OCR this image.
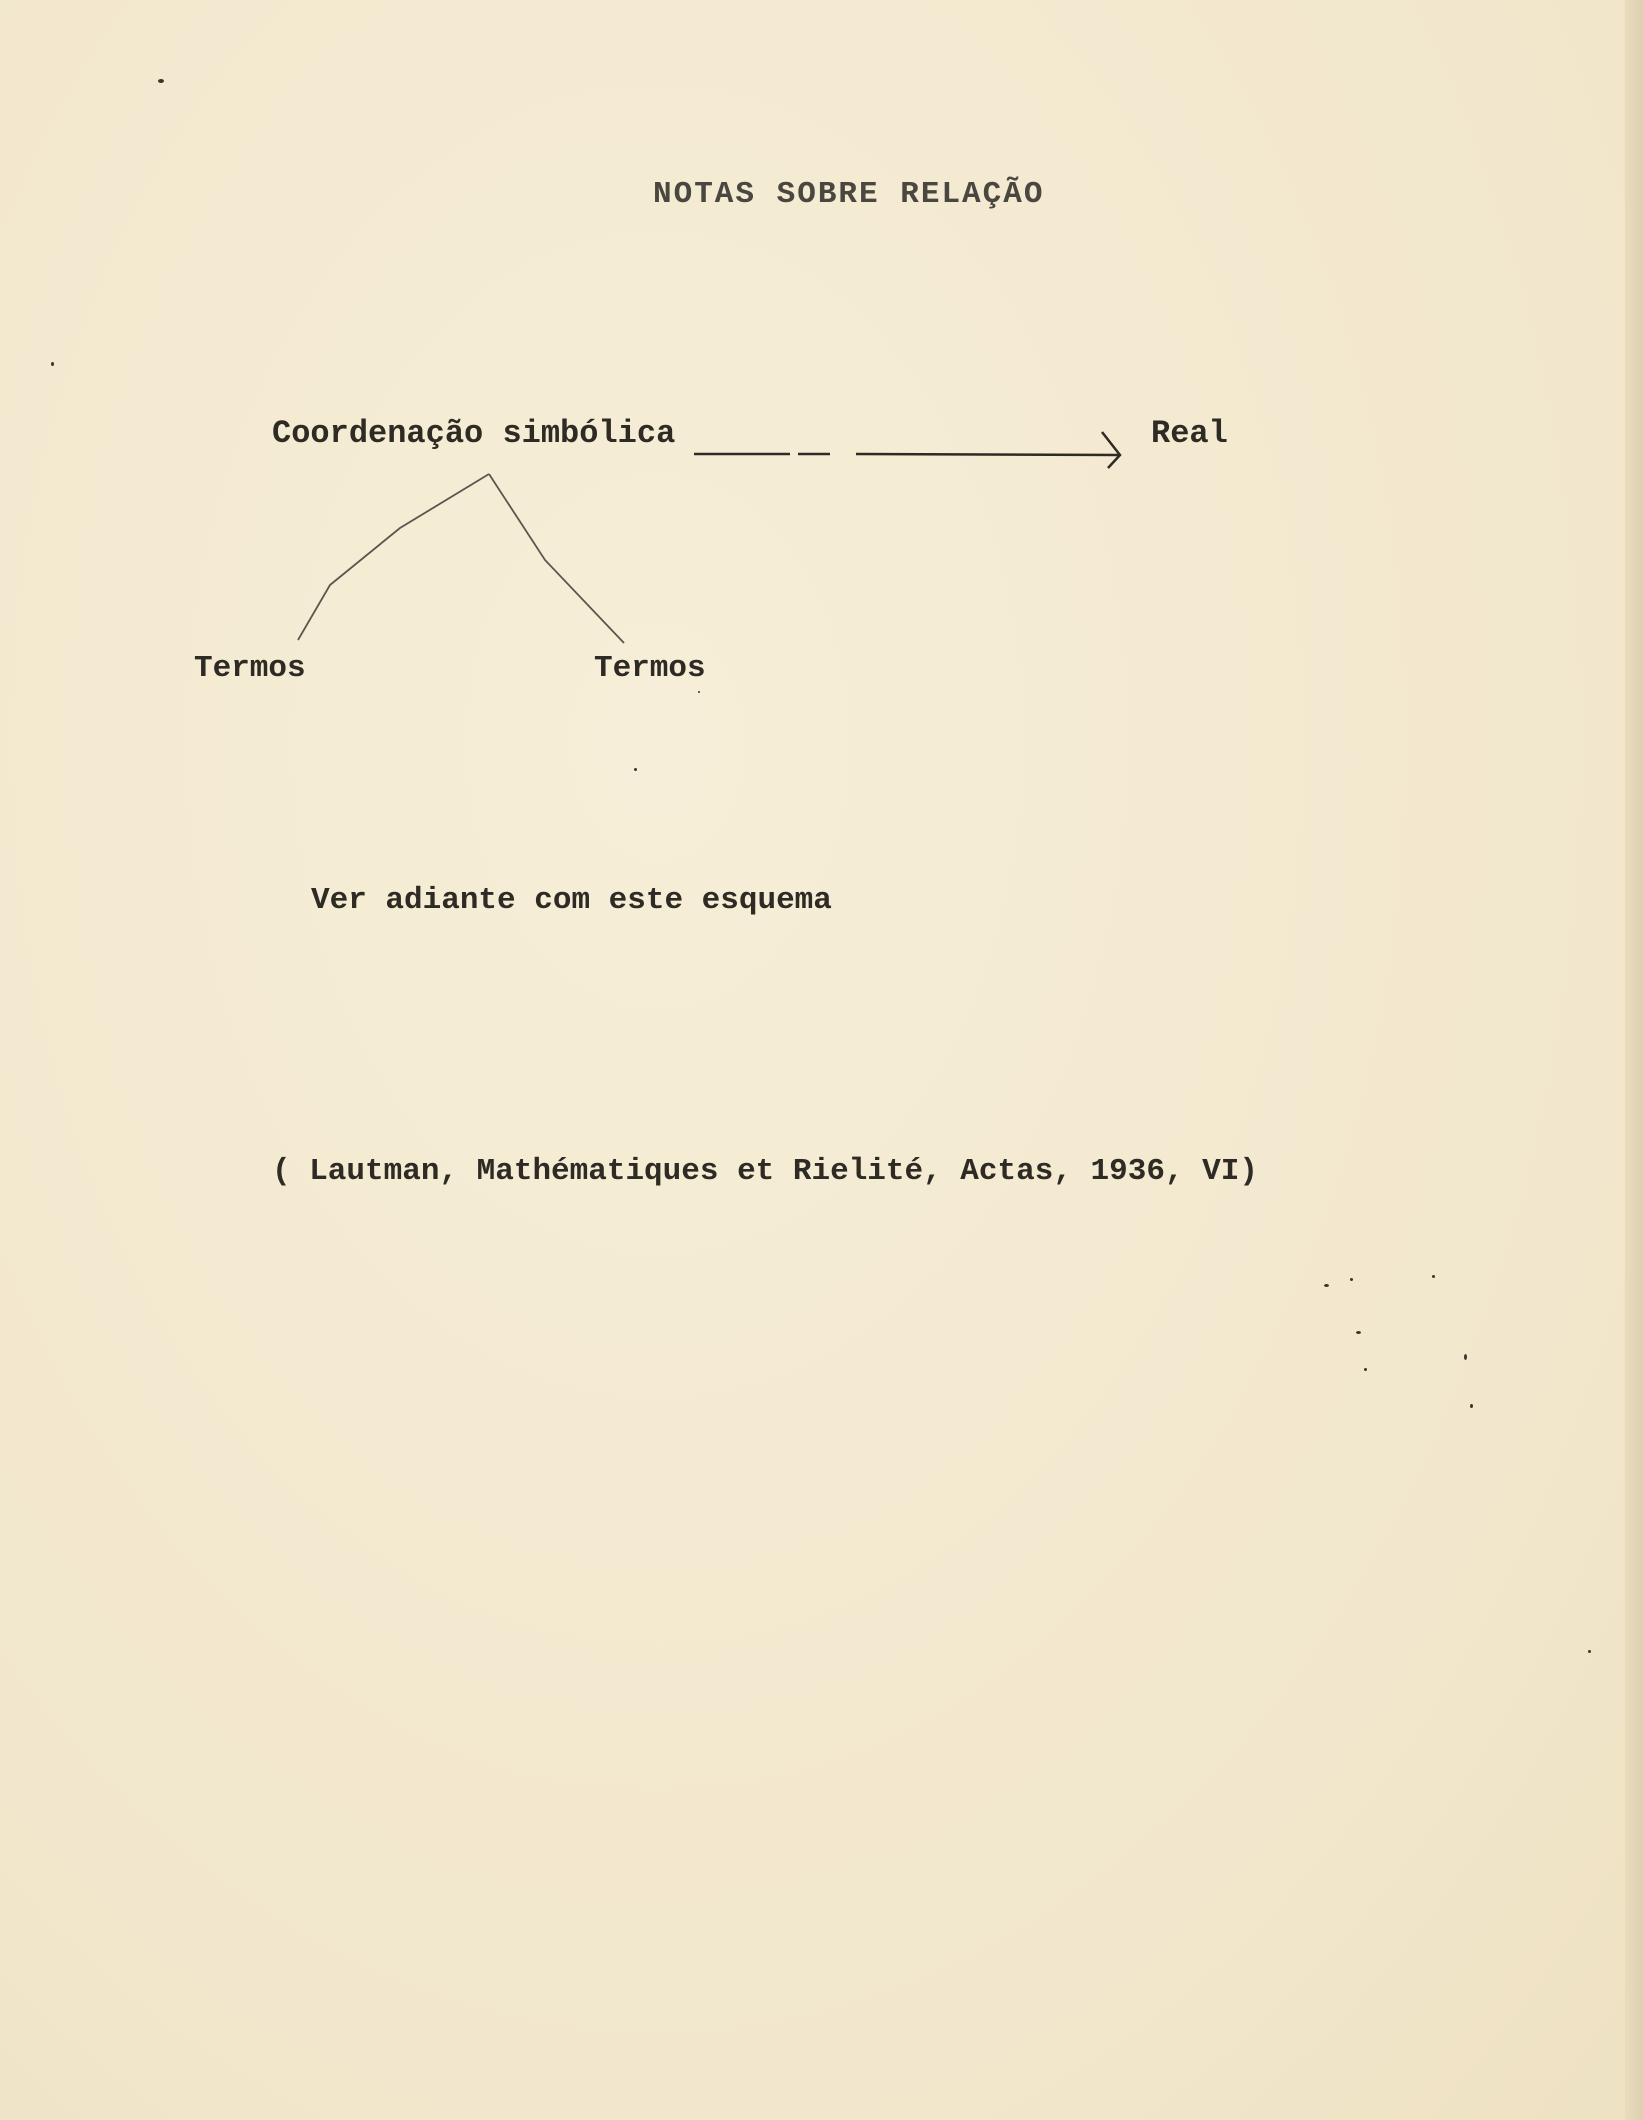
NOTAS SOBRE RELAÇÃO
Coordenação simbólica	Real
Termos	Termos
Ver adiante com este esquema
( Lautman, Mathématiques et Rielité, Actas, 1936, VI)
